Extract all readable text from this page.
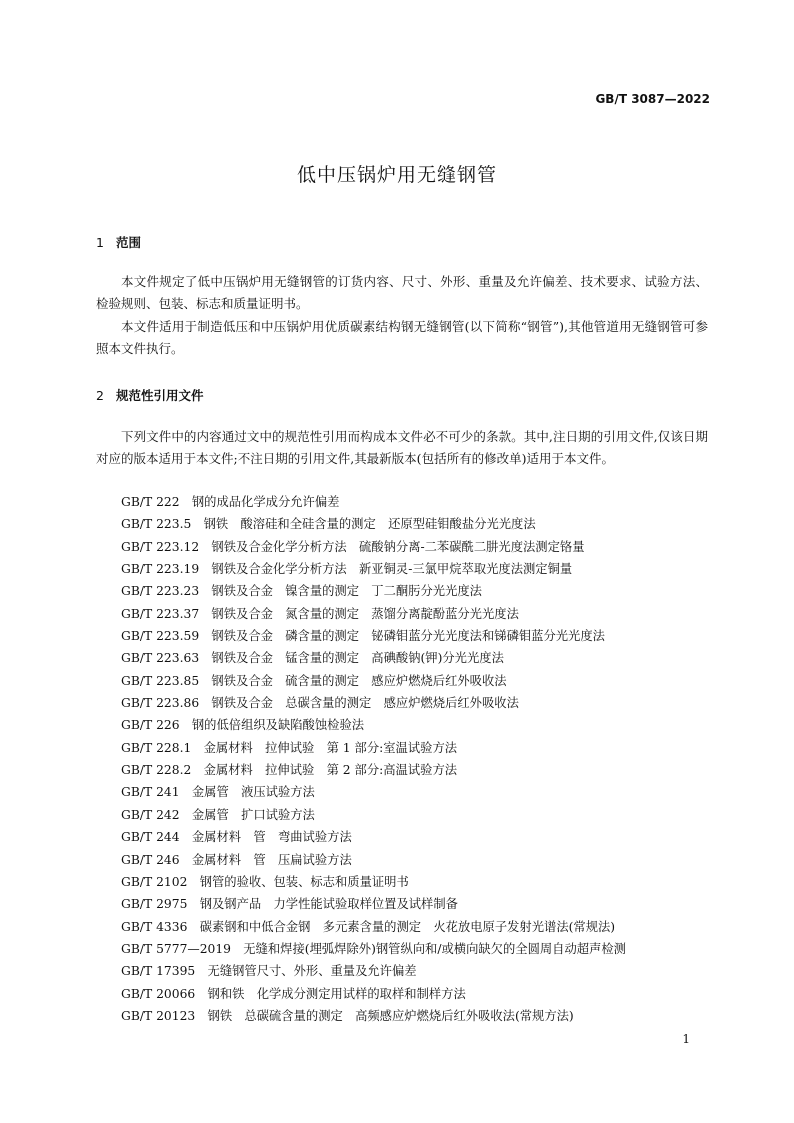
GB/T 3087—2022
低中压锅炉用无缝钢管
1 范围

本文件规定了低中压锅炉用无缝钢管的订货内容、尺寸、外形、重量及允许偏差、技术要求、试验方法、检验规则、包装、标志和质量证明书。

本文件适用于制造低压和中压锅炉用优质碳素结构钢无缝钢管(以下简称“钢管”),其他管道用无缝钢管可参照本文件执行。

2 规范性引用文件

下列文件中的内容通过文中的规范性引用而构成本文件必不可少的条款。其中,注日期的引用文件,仅该日期对应的版本适用于本文件;不注日期的引用文件,其最新版本(包括所有的修改单)适用于本文件。

GB/T 222　钢的成品化学成分允许偏差
GB/T 223.5　钢铁　酸溶硅和全硅含量的测定　还原型硅钼酸盐分光光度法
GB/T 223.12　钢铁及合金化学分析方法　硫酸钠分离-二苯碳酰二肼光度法测定铬量
GB/T 223.19　钢铁及合金化学分析方法　新亚铜灵-三氯甲烷萃取光度法测定铜量
GB/T 223.23　钢铁及合金　镍含量的测定　丁二酮肟分光光度法
GB/T 223.37　钢铁及合金　氮含量的测定　蒸馏分离靛酚蓝分光光度法
GB/T 223.59　钢铁及合金　磷含量的测定　铋磷钼蓝分光光度法和锑磷钼蓝分光光度法
GB/T 223.63　钢铁及合金　锰含量的测定　高碘酸钠(钾)分光光度法
GB/T 223.85　钢铁及合金　硫含量的测定　感应炉燃烧后红外吸收法
GB/T 223.86　钢铁及合金　总碳含量的测定　感应炉燃烧后红外吸收法
GB/T 226　钢的低倍组织及缺陷酸蚀检验法
GB/T 228.1　金属材料　拉伸试验　第 1 部分:室温试验方法
GB/T 228.2　金属材料　拉伸试验　第 2 部分:高温试验方法
GB/T 241　金属管　液压试验方法
GB/T 242　金属管　扩口试验方法
GB/T 244　金属材料　管　弯曲试验方法
GB/T 246　金属材料　管　压扁试验方法
GB/T 2102　钢管的验收、包装、标志和质量证明书
GB/T 2975　钢及钢产品　力学性能试验取样位置及试样制备
GB/T 4336　碳素钢和中低合金钢　多元素含量的测定　火花放电原子发射光谱法(常规法)
GB/T 5777—2019　无缝和焊接(埋弧焊除外)钢管纵向和/或横向缺欠的全圆周自动超声检测
GB/T 17395　无缝钢管尺寸、外形、重量及允许偏差
GB/T 20066　钢和铁　化学成分测定用试样的取样和制样方法
GB/T 20123　钢铁　总碳硫含量的测定　高频感应炉燃烧后红外吸收法(常规方法)
1
